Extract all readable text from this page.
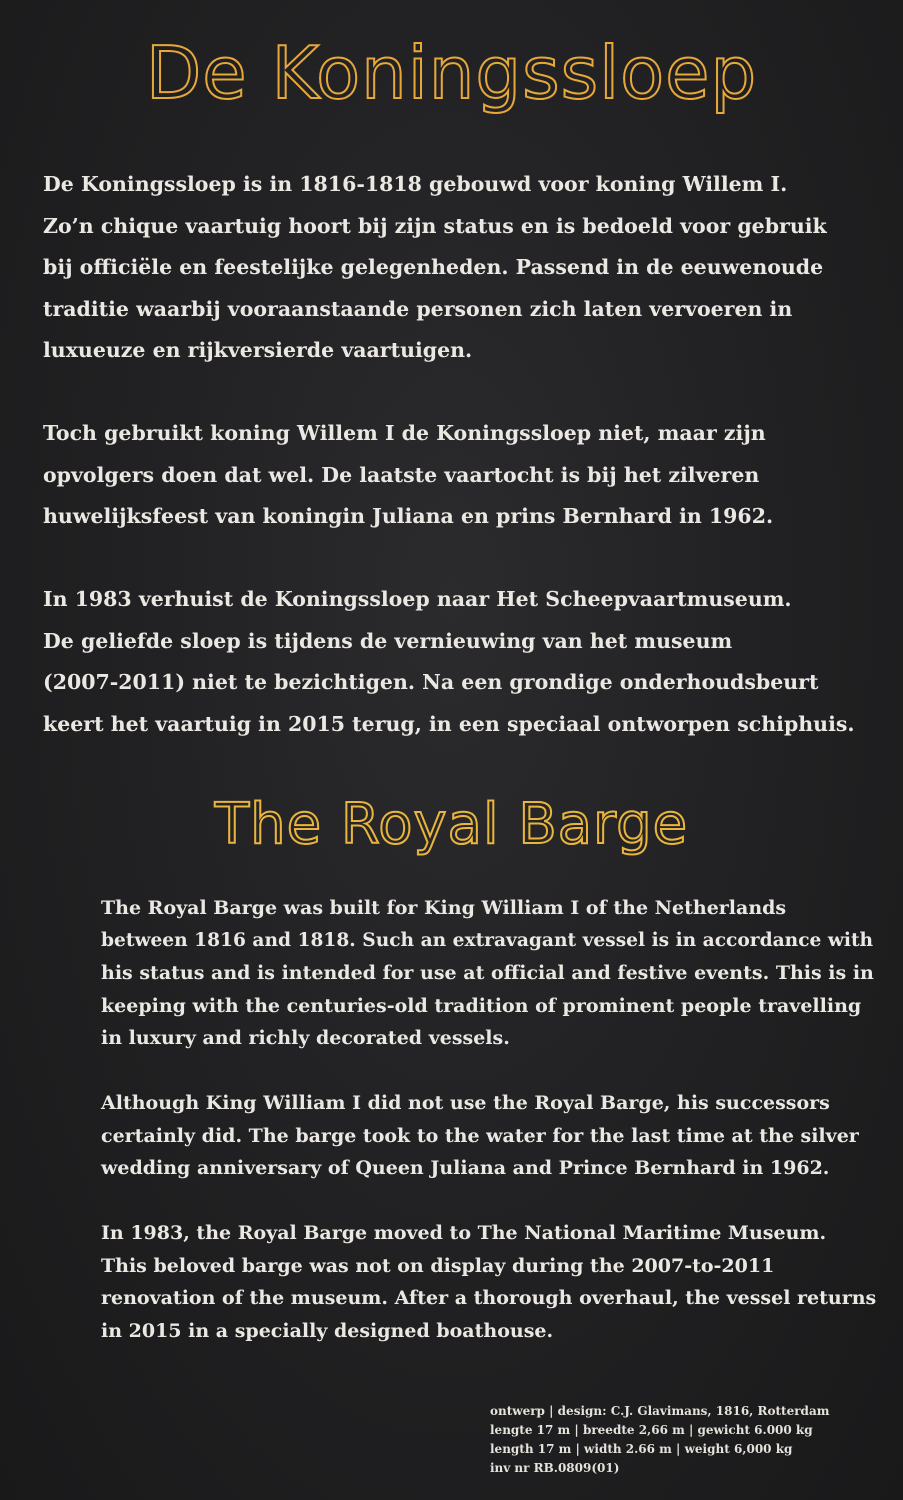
De Koningssloep

De Koningssloep is in 1816-1818 gebouwd voor koning Willem I.
Zo’n chique vaartuig hoort bij zijn status en is bedoeld voor gebruik
bij officiële en feestelijke gelegenheden. Passend in de eeuwenoude
traditie waarbij vooraanstaande personen zich laten vervoeren in
luxueuze en rijkversierde vaartuigen.

Toch gebruikt koning Willem I de Koningssloep niet, maar zijn
opvolgers doen dat wel. De laatste vaartocht is bij het zilveren
huwelijksfeest van koningin Juliana en prins Bernhard in 1962.

In 1983 verhuist de Koningssloep naar Het Scheepvaartmuseum.
De geliefde sloep is tijdens de vernieuwing van het museum
(2007-2011) niet te bezichtigen. Na een grondige onderhoudsbeurt
keert het vaartuig in 2015 terug, in een speciaal ontworpen schiphuis.

The Royal Barge

The Royal Barge was built for King William I of the Netherlands
between 1816 and 1818. Such an extravagant vessel is in accordance with
his status and is intended for use at official and festive events. This is in
keeping with the centuries-old tradition of prominent people travelling
in luxury and richly decorated vessels.

Although King William I did not use the Royal Barge, his successors
certainly did. The barge took to the water for the last time at the silver
wedding anniversary of Queen Juliana and Prince Bernhard in 1962.

In 1983, the Royal Barge moved to The National Maritime Museum.
This beloved barge was not on display during the 2007-to-2011
renovation of the museum. After a thorough overhaul, the vessel returns
in 2015 in a specially designed boathouse.

ontwerp | design: C.J. Glavimans, 1816, Rotterdam
lengte 17 m | breedte 2,66 m | gewicht 6.000 kg
length 17 m | width 2.66 m | weight 6,000 kg
inv nr RB.0809(01)
